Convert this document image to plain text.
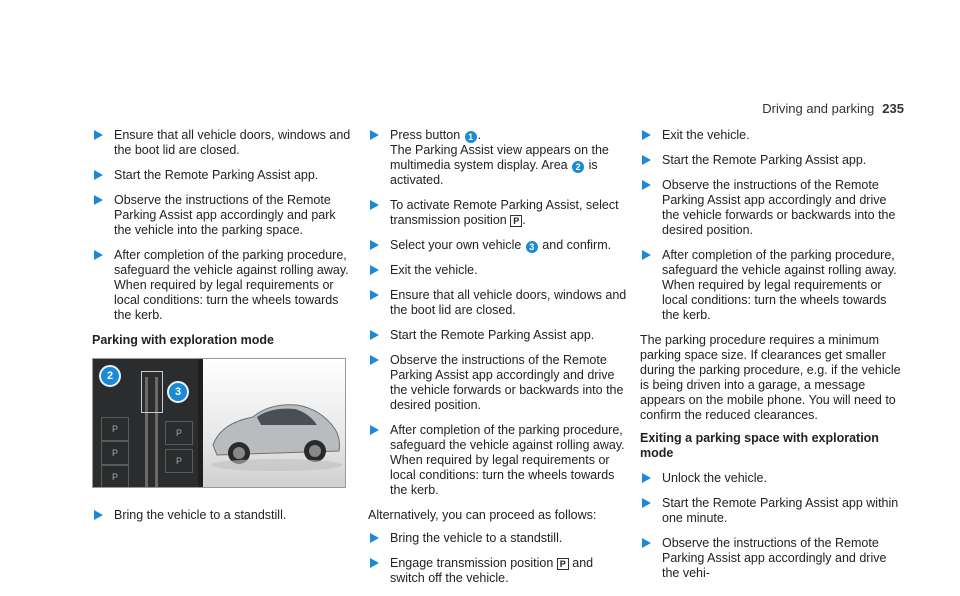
Driving and parking 235
Ensure that all vehicle doors, windows and the boot lid are closed.
Start the Remote Parking Assist app.
Observe the instructions of the Remote Parking Assist app accordingly and park the vehicle into the parking space.
After completion of the parking procedure, safeguard the vehicle against rolling away. When required by legal requirements or local conditions: turn the wheels towards the kerb.
Parking with exploration mode
P
P
P
P
P
2
3
Bring the vehicle to a standstill.
Press button 1 .
The Parking Assist view appears on the multimedia system display. Area 2 is activated.
To activate Remote Parking Assist, select transmission position P .
Select your own vehicle 3 and confirm.
Exit the vehicle.
Ensure that all vehicle doors, windows and the boot lid are closed.
Start the Remote Parking Assist app.
Observe the instructions of the Remote Parking Assist app accordingly and drive the vehicle forwards or backwards into the desired position.
After completion of the parking procedure, safeguard the vehicle against rolling away. When required by legal requirements or local conditions: turn the wheels towards the kerb.
Alternatively, you can proceed as follows:
Bring the vehicle to a standstill.
Engage transmission position P and switch off the vehicle.
Exit the vehicle.
Start the Remote Parking Assist app.
Observe the instructions of the Remote Parking Assist app accordingly and drive the vehicle forwards or backwards into the desired position.
After completion of the parking procedure, safeguard the vehicle against rolling away. When required by legal requirements or local conditions: turn the wheels towards the kerb.
The parking procedure requires a minimum parking space size. If clearances get smaller during the parking procedure, e.g. if the vehicle is being driven into a garage, a message appears on the mobile phone. You will need to confirm the reduced clearances.
Exiting a parking space with exploration mode
Unlock the vehicle.
Start the Remote Parking Assist app within one minute.
Observe the instructions of the Remote Parking Assist app accordingly and drive the vehi-
